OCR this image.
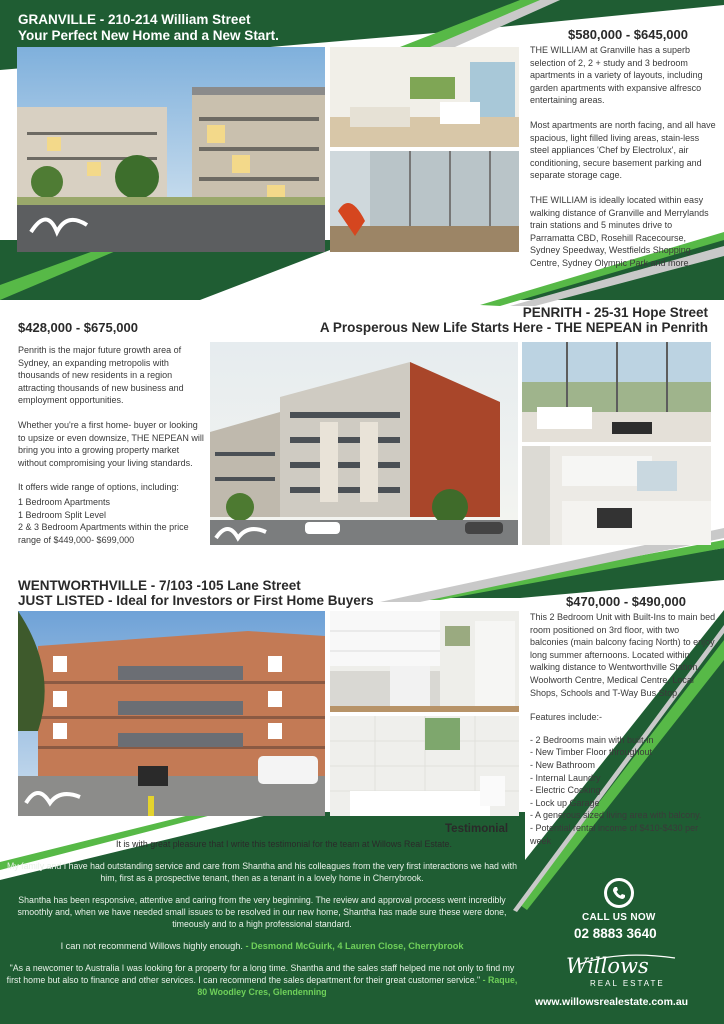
GRANVILLE - 210-214 William Street
Your Perfect New Home and a New Start.	$580,000 - $645,000

THE WILLIAM at Granville has a superb selection of 2, 2 + study and 3 bedroom apartments in a variety of layouts, including garden apartments with expansive alfresco entertaining areas.

Most apartments are north facing, and all have spacious, light filled living areas, stain-less steel appliances 'Chef by Electrolux', air conditioning, secure basement parking and separate storage cage.

THE WILLIAM is ideally located within easy walking distance of Granville and Merrylands train stations and 5 minutes drive to Parramatta CBD, Rosehill Racecourse, Sydney Speedway, Westfields Shopping Centre, Sydney Olympic Park and more.

PENRITH - 25-31 Hope Street
A Prosperous New Life Starts Here - THE NEPEAN in Penrith
$428,000 - $675,000

Penrith is the major future growth area of Sydney, an expanding metropolis with thousands of new residents in a region attracting thousands of new business and employment opportunities.

Whether you're a first home- buyer or looking to upsize or even downsize, THE NEPEAN will bring you into a growing property market without compromising your living standards.

It offers wide range of options, including:
1 Bedroom Apartments
1 Bedroom Split Level
2 & 3 Bedroom Apartments within the price range of $449,000- $699,000
WENTWORTHVILLE - 7/103 -105 Lane Street
JUST LISTED - Ideal for Investors or First Home Buyers	$470,000 - $490,000

This 2 Bedroom Unit with Built-Ins to main bed room positioned on 3rd floor, with two balconies (main balcony facing North) to enjoy long summer afternoons. Located within walking distance to Wentworthville Station, Woolworth Centre, Medical Centre, Local Shops, Schools and T-Way Bus Stop.

Features include:-

- 2 Bedrooms main with built-in
- New Timber Floor throughout
- New Bathroom
- Internal Laundry
- Electric Cooking
- Lock up Garage
- A generous sized living area with balcony.
- Potential rental income of $410-$430 per week
Testimonial

It is with great pleasure that I write this testimonial for the team at Willows Real Estate.

My family and I have had outstanding service and care from Shantha and his colleagues from the very first interactions we had with him, first as a prospective tenant, then as a tenant in a lovely home in Cherrybrook.

Shantha has been responsive, attentive and caring from the very beginning. The review and approval process went incredibly smoothly and, when we have needed small issues to be resolved in our new home, Shantha has made sure these were done, timeously and to a high professional standard.

I can not recommend Willows highly enough. - Desmond McGuirk, 4 Lauren Close, Cherrybrook

"As a newcomer to Australia I was looking for a property for a long time. Shantha and the sales staff helped me not only to find my first home but also to finance and other services. I can recommend the sales department for their great customer service." - Raque, 80 Woodley Cres, Glendenning

CALL US NOW
02 8883 3640
Willows
REAL ESTATE
www.willowsrealestate.com.au
